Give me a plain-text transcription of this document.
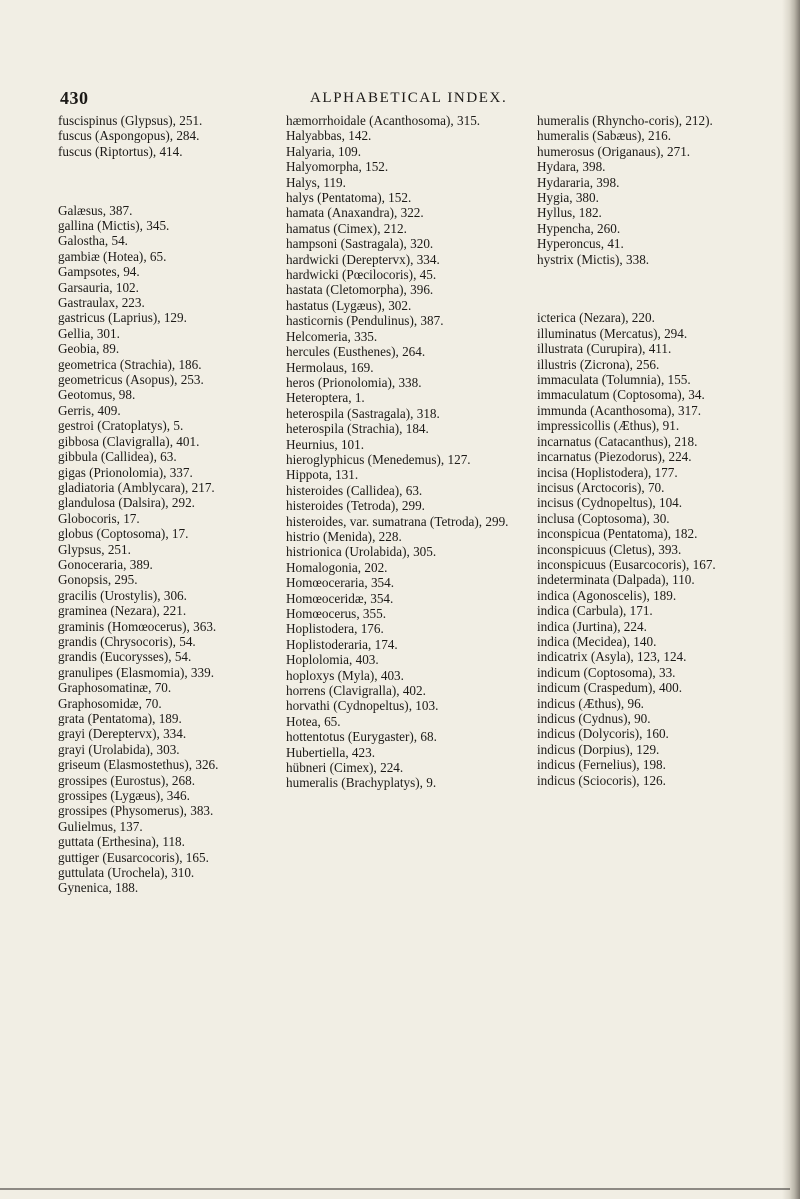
430	ALPHABETICAL INDEX.

fuscispinus (Glypsus), 251.

fuscus (Aspongopus), 284.

fuscus (Riptortus), 414.

Galæsus, 387.

gallina (Mictis), 345.

Galostha, 54.

gambiæ (Hotea), 65.

Gampsotes, 94.

Garsauria, 102.

Gastraulax, 223.

gastricus (Laprius), 129.

Gellia, 301.

Geobia, 89.

geometrica (Strachia), 186.

geometricus (Asopus), 253.

Geotomus, 98.

Gerris, 409.

gestroi (Cratoplatys), 5.

gibbosa (Clavigralla), 401.

gibbula (Callidea), 63.

gigas (Prionolomia), 337.

gladiatoria (Amblycara), 217.

glandulosa (Dalsira), 292.

Globocoris, 17.

globus (Coptosoma), 17.

Glypsus, 251.

Gonoceraria, 389.

Gonopsis, 295.

gracilis (Urostylis), 306.

graminea (Nezara), 221.

graminis (Homœocerus), 363.

grandis (Chrysocoris), 54.

grandis (Eucorysses), 54.

granulipes (Elasmomia), 339.

Graphosomatinæ, 70.

Graphosomidæ, 70.

grata (Pentatoma), 189.

grayi (Dereptervx), 334.

grayi (Urolabida), 303.

griseum (Elasmostethus), 326.

grossipes (Eurostus), 268.

grossipes (Lygæus), 346.

grossipes (Physomerus), 383.

Gulielmus, 137.

guttata (Erthesina), 118.

guttiger (Eusarcocoris), 165.

guttulata (Urochela), 310.

Gynenica, 188.

hæmorrhoidale (Acanthosoma), 315.

Halyabbas, 142.

Halyaria, 109.

Halyomorpha, 152.

Halys, 119.

halys (Pentatoma), 152.

hamata (Anaxandra), 322.

hamatus (Cimex), 212.

hampsoni (Sastragala), 320.

hardwicki (Dereptervx), 334.

hardwicki (Pœcilocoris), 45.

hastata (Cletomorpha), 396.

hastatus (Lygæus), 302.

hasticornis (Pendulinus), 387.

Helcomeria, 335.

hercules (Eusthenes), 264.

Hermolaus, 169.

heros (Prionolomia), 338.

Heteroptera, 1.

heterospila (Sastragala), 318.

heterospila (Strachia), 184.

Heurnius, 101.

hieroglyphicus (Menedemus), 127.

Hippota, 131.

histeroides (Callidea), 63.

histeroides (Tetroda), 299.

histeroides, var. sumatrana (Tetroda), 299.

histrio (Menida), 228.

histrionica (Urolabida), 305.

Homalogonia, 202.

Homœoceraria, 354.

Homœoceridæ, 354.

Homœocerus, 355.

Hoplistodera, 176.

Hoplistoderaria, 174.

Hoplolomia, 403.

hoploxys (Myla), 403.

horrens (Clavigralla), 402.

horvathi (Cydnopeltus), 103.

Hotea, 65.

hottentotus (Eurygaster), 68.

Hubertiella, 423.

hübneri (Cimex), 224.

humeralis (Brachyplatys), 9.

humeralis (Rhyncho-coris), 212).

humeralis (Sabæus), 216.

humerosus (Origanaus), 271.

Hydara, 398.

Hydararia, 398.

Hygia, 380.

Hyllus, 182.

Hypencha, 260.

Hyperoncus, 41.

hystrix (Mictis), 338.

icterica (Nezara), 220.

illuminatus (Mercatus), 294.

illustrata (Curupira), 411.

illustris (Zicrona), 256.

immaculata (Tolumnia), 155.

immaculatum (Coptosoma), 34.

immunda (Acanthosoma), 317.

impressicollis (Æthus), 91.

incarnatus (Catacanthus), 218.

incarnatus (Piezodorus), 224.

incisa (Hoplistodera), 177.

incisus (Arctocoris), 70.

incisus (Cydnopeltus), 104.

inclusa (Coptosoma), 30.

inconspicua (Pentatoma), 182.

inconspicuus (Cletus), 393.

inconspicuus (Eusarcocoris), 167.

indeterminata (Dalpada), 110.

indica (Agonoscelis), 189.

indica (Carbula), 171.

indica (Jurtina), 224.

indica (Mecidea), 140.

indicatrix (Asyla), 123, 124.

indicum (Coptosoma), 33.

indicum (Craspedum), 400.

indicus (Æthus), 96.

indicus (Cydnus), 90.

indicus (Dolycoris), 160.

indicus (Dorpius), 129.

indicus (Fernelius), 198.

indicus (Sciocoris), 126.
